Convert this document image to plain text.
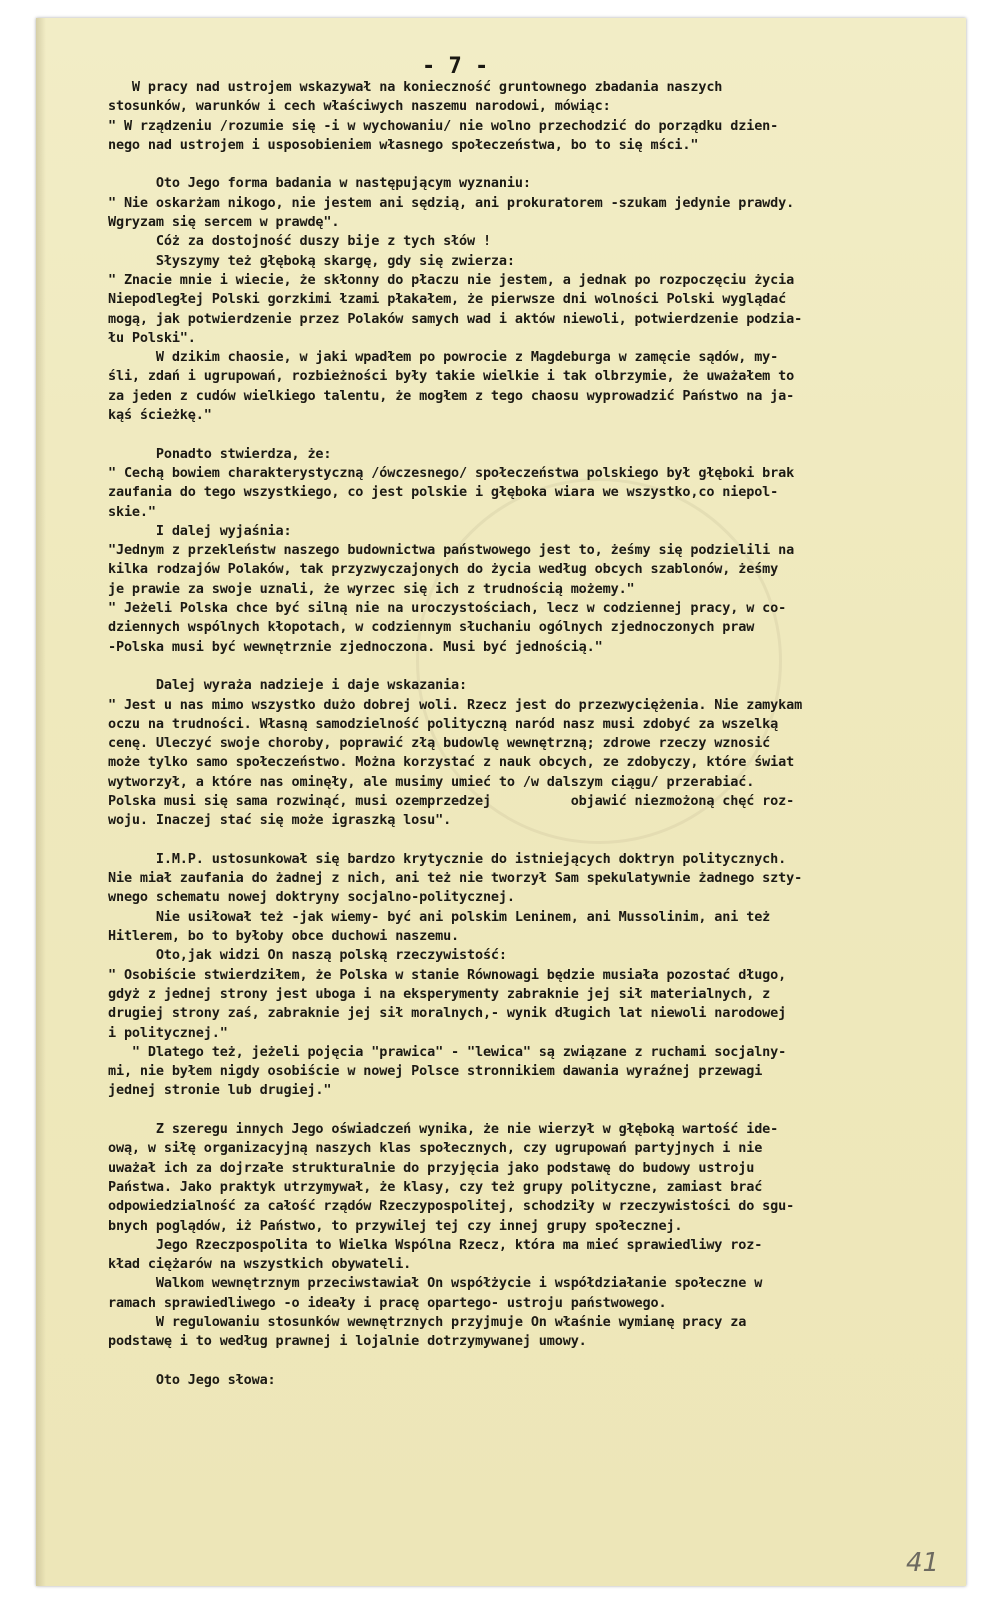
- 7 -
W pracy nad ustrojem wskazywał na konieczność gruntownego zbadania naszych
stosunków, warunków i cech właściwych naszemu narodowi, mówiąc:
" W rządzeniu /rozumie się -i w wychowaniu/ nie wolno przechodzić do porządku dzien-
nego nad ustrojem i usposobieniem własnego społeczeństwa, bo to się mści."
Oto Jego forma badania w następującym wyznaniu:
" Nie oskarżam nikogo, nie jestem ani sędzią, ani prokuratorem -szukam jedynie prawdy.
Wgryzam się sercem w prawdę".
Cóż za dostojność duszy bije z tych słów !
Słyszymy też głęboką skargę, gdy się zwierza:
" Znacie mnie i wiecie, że skłonny do płaczu nie jestem, a jednak po rozpoczęciu życia
Niepodległej Polski gorzkimi łzami płakałem, że pierwsze dni wolności Polski wyglądać
mogą, jak potwierdzenie przez Polaków samych wad i aktów niewoli, potwierdzenie podzia-
łu Polski".
W dzikim chaosie, w jaki wpadłem po powrocie z Magdeburga w zamęcie sądów, my-
śli, zdań i ugrupowań, rozbieżności były takie wielkie i tak olbrzymie, że uważałem to
za jeden z cudów wielkiego talentu, że mogłem z tego chaosu wyprowadzić Państwo na ja-
kąś ścieżkę."
Ponadto stwierdza, że:
" Cechą bowiem charakterystyczną /ówczesnego/ społeczeństwa polskiego był głęboki brak
zaufania do tego wszystkiego, co jest polskie i głęboka wiara we wszystko,co niepol-
skie."
I dalej wyjaśnia:
"Jednym z przekleństw naszego budownictwa państwowego jest to, żeśmy się podzielili na
kilka rodzajów Polaków, tak przyzwyczajonych do życia według obcych szablonów, żeśmy
je prawie za swoje uznali, że wyrzec się ich z trudnością możemy."
" Jeżeli Polska chce być silną nie na uroczystościach, lecz w codziennej pracy, w co-
dziennych wspólnych kłopotach, w codziennym słuchaniu ogólnych zjednoczonych praw
-Polska musi być wewnętrznie zjednoczona. Musi być jednością."
Dalej wyraża nadzieje i daje wskazania:
" Jest u nas mimo wszystko dużo dobrej woli. Rzecz jest do przezwyciężenia. Nie zamykam
oczu na trudności. Własną samodzielność polityczną naród nasz musi zdobyć za wszelką
cenę. Uleczyć swoje choroby, poprawić złą budowlę wewnętrzną; zdrowe rzeczy wznosić
może tylko samo społeczeństwo. Można korzystać z nauk obcych, ze zdobyczy, które świat
wytworzył, a które nas ominęły, ale musimy umieć to /w dalszym ciągu/ przerabiać.
Polska musi się sama rozwinąć, musi ozemprzedzej          objawić niezmożoną chęć roz-
woju. Inaczej stać się może igraszką losu".
I.M.P. ustosunkował się bardzo krytycznie do istniejących doktryn politycznych.
Nie miał zaufania do żadnej z nich, ani też nie tworzył Sam spekulatywnie żadnego szty-
wnego schematu nowej doktryny socjalno-politycznej.
Nie usiłował też -jak wiemy- być ani polskim Leninem, ani Mussolinim, ani też
Hitlerem, bo to byłoby obce duchowi naszemu.
Oto,jak widzi On naszą polską rzeczywistość:
" Osobiście stwierdziłem, że Polska w stanie Równowagi będzie musiała pozostać długo,
gdyż z jednej strony jest uboga i na eksperymenty zabraknie jej sił materialnych, z
drugiej strony zaś, zabraknie jej sił moralnych,- wynik długich lat niewoli narodowej
i politycznej."
" Dlatego też, jeżeli pojęcia "prawica" - "lewica" są związane z ruchami socjalny-
mi, nie byłem nigdy osobiście w nowej Polsce stronnikiem dawania wyraźnej przewagi
jednej stronie lub drugiej."
Z szeregu innych Jego oświadczeń wynika, że nie wierzył w głęboką wartość ide-
ową, w siłę organizacyjną naszych klas społecznych, czy ugrupowań partyjnych i nie
uważał ich za dojrzałe strukturalnie do przyjęcia jako podstawę do budowy ustroju
Państwa. Jako praktyk utrzymywał, że klasy, czy też grupy polityczne, zamiast brać
odpowiedzialność za całość rządów Rzeczypospolitej, schodziły w rzeczywistości do sgu-
bnych poglądów, iż Państwo, to przywilej tej czy innej grupy społecznej.
Jego Rzeczpospolita to Wielka Wspólna Rzecz, która ma mieć sprawiedliwy roz-
kład ciężarów na wszystkich obywateli.
Walkom wewnętrznym przeciwstawiał On współżycie i współdziałanie społeczne w
ramach sprawiedliwego -o ideały i pracę opartego- ustroju państwowego.
W regulowaniu stosunków wewnętrznych przyjmuje On właśnie wymianę pracy za
podstawę i to według prawnej i lojalnie dotrzymywanej umowy.
Oto Jego słowa:
41
